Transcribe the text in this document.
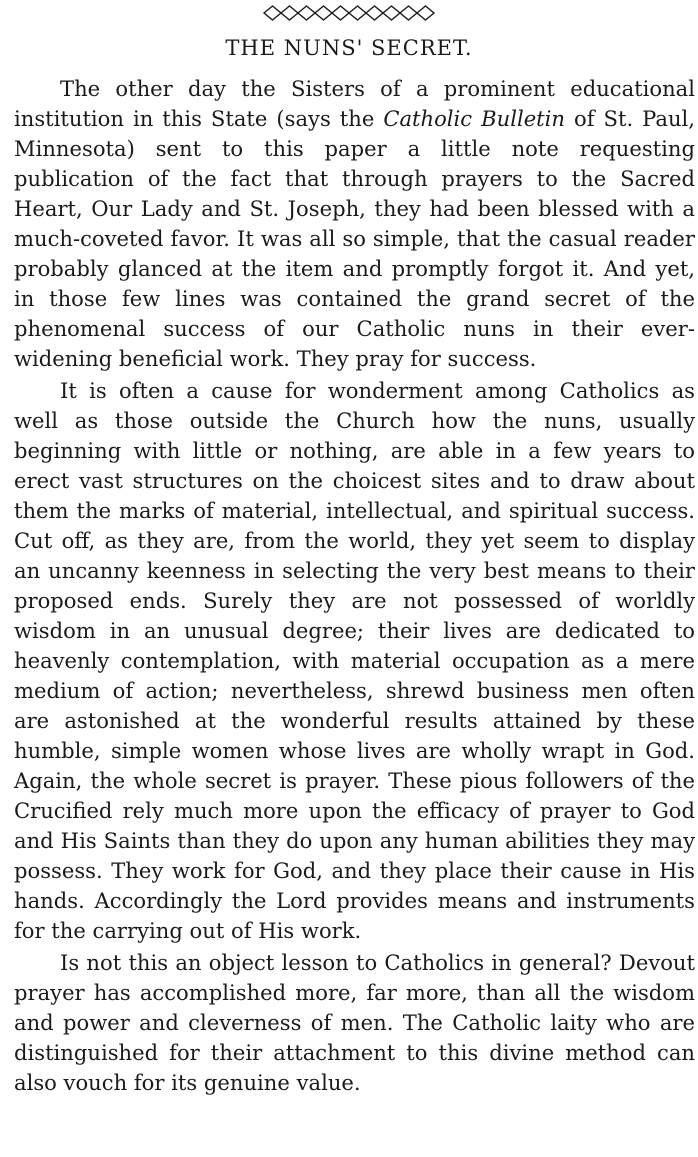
THE NUNS' SECRET.

The other day the Sisters of a prominent educational institution in this State (says the Catholic Bulletin of St. Paul, Minnesota) sent to this paper a little note requesting publication of the fact that through prayers to the Sacred Heart, Our Lady and St. Joseph, they had been blessed with a much-coveted favor. It was all so simple, that the casual reader probably glanced at the item and promptly forgot it. And yet, in those few lines was contained the grand secret of the phenomenal success of our Catholic nuns in their ever-widening beneficial work. They pray for success.

It is often a cause for wonderment among Catholics as well as those outside the Church how the nuns, usually beginning with little or nothing, are able in a few years to erect vast structures on the choicest sites and to draw about them the marks of material, intellectual, and spiritual success. Cut off, as they are, from the world, they yet seem to display an uncanny keenness in selecting the very best means to their proposed ends. Surely they are not possessed of worldly wisdom in an unusual degree; their lives are dedicated to heavenly contemplation, with material occupation as a mere medium of action; nevertheless, shrewd business men often are astonished at the wonderful results attained by these humble, simple women whose lives are wholly wrapt in God. Again, the whole secret is prayer. These pious followers of the Crucified rely much more upon the efficacy of prayer to God and His Saints than they do upon any human abilities they may possess. They work for God, and they place their cause in His hands. Accordingly the Lord provides means and instruments for the carrying out of His work.

Is not this an object lesson to Catholics in general? Devout prayer has accomplished more, far more, than all the wisdom and power and cleverness of men. The Catholic laity who are distinguished for their attachment to this divine method can also vouch for its genuine value.
